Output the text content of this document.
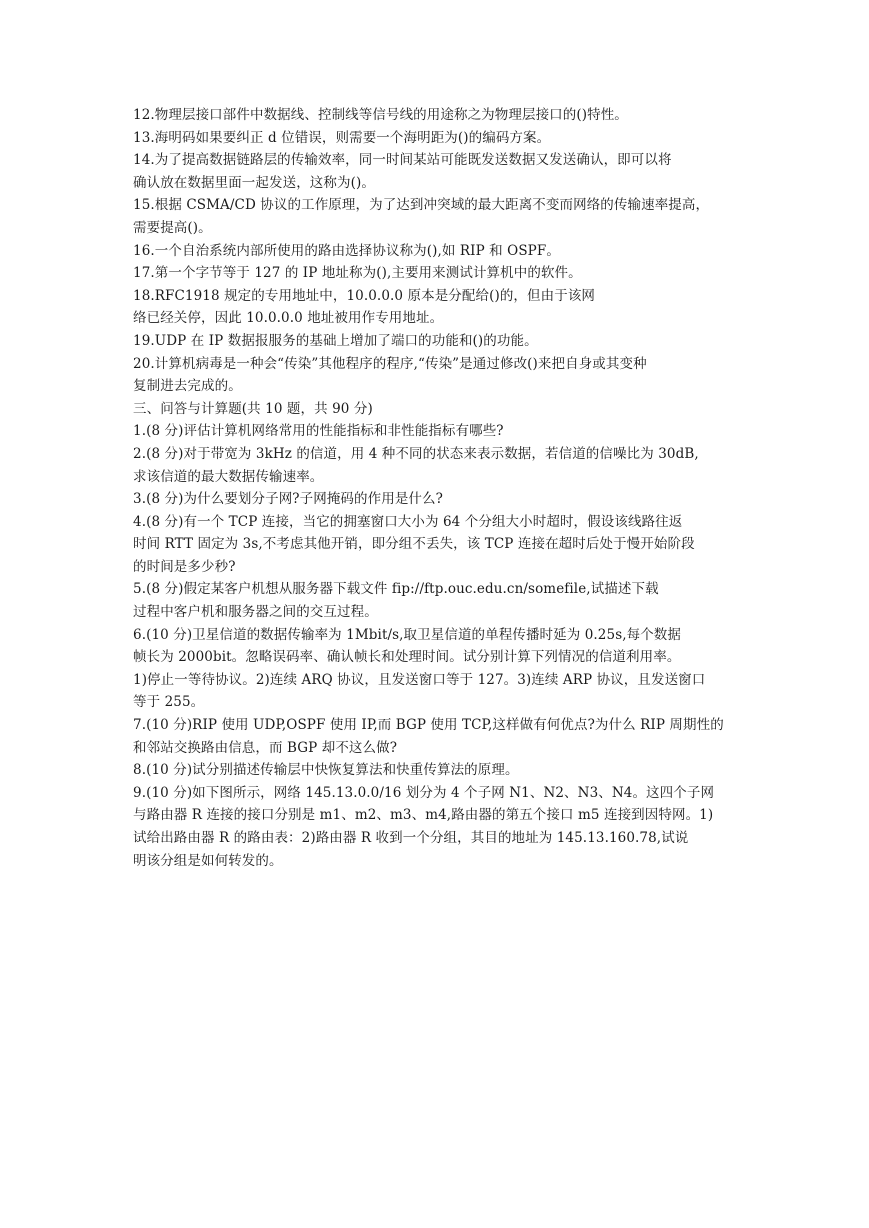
12.物理层接口部件中数据线、控制线等信号线的用途称之为物理层接口的()特性。
13.海明码如果要纠正 d 位错误，则需要一个海明距为()的编码方案。
14.为了提高数据链路层的传输效率，同一时间某站可能既发送数据又发送确认，即可以将
确认放在数据里面一起发送，这称为()。
15.根据 CSMA/CD 协议的工作原理，为了达到冲突域的最大距离不变而网络的传输速率提高，
需要提高()。
16.一个自治系统内部所使用的路由选择协议称为(),如 RIP 和 OSPF。
17.第一个字节等于 127 的 IP 地址称为(),主要用来测试计算机中的软件。
18.RFC1918 规定的专用地址中，10.0.0.0 原本是分配给()的，但由于该网
络已经关停，因此 10.0.0.0 地址被用作专用地址。
19.UDP 在 IP 数据报服务的基础上增加了端口的功能和()的功能。
20.计算机病毒是一种会“传染”其他程序的程序,“传染”是通过修改()来把自身或其变种
复制进去完成的。
三、问答与计算题(共 10 题，共 90 分)
1.(8 分)评估计算机网络常用的性能指标和非性能指标有哪些?
2.(8 分)对于带宽为 3kHz 的信道，用 4 种不同的状态来表示数据，若信道的信噪比为 30dB,
求该信道的最大数据传输速率。
3.(8 分)为什么要划分子网?子网掩码的作用是什么?
4.(8 分)有一个 TCP 连接，当它的拥塞窗口大小为 64 个分组大小时超时，假设该线路往返
时间 RTT 固定为 3s,不考虑其他开销，即分组不丢失，该 TCP 连接在超时后处于慢开始阶段
的时间是多少秒?
5.(8 分)假定某客户机想从服务器下载文件 fip://ftp.ouc.edu.cn/somefile,试描述下载
过程中客户机和服务器之间的交互过程。
6.(10 分)卫星信道的数据传输率为 1Mbit/s,取卫星信道的单程传播时延为 0.25s,每个数据
帧长为 2000bit。忽略误码率、确认帧长和处理时间。试分别计算下列情况的信道利用率。
1)停止一等待协议。2)连续 ARQ 协议，且发送窗口等于 127。3)连续 ARP 协议，且发送窗口
等于 255。
7.(10 分)RIP 使用 UDP,OSPF 使用 IP,而 BGP 使用 TCP,这样做有何优点?为什么 RIP 周期性的
和邻站交换路由信息，而 BGP 却不这么做?
8.(10 分)试分别描述传输层中快恢复算法和快重传算法的原理。
9.(10 分)如下图所示，网络 145.13.0.0/16 划分为 4 个子网 N1、N2、N3、N4。这四个子网
与路由器 R 连接的接口分别是 m1、m2、m3、m4,路由器的第五个接口 m5 连接到因特网。1)
试给出路由器 R 的路由表：2)路由器 R 收到一个分组，其目的地址为 145.13.160.78,试说
明该分组是如何转发的。
